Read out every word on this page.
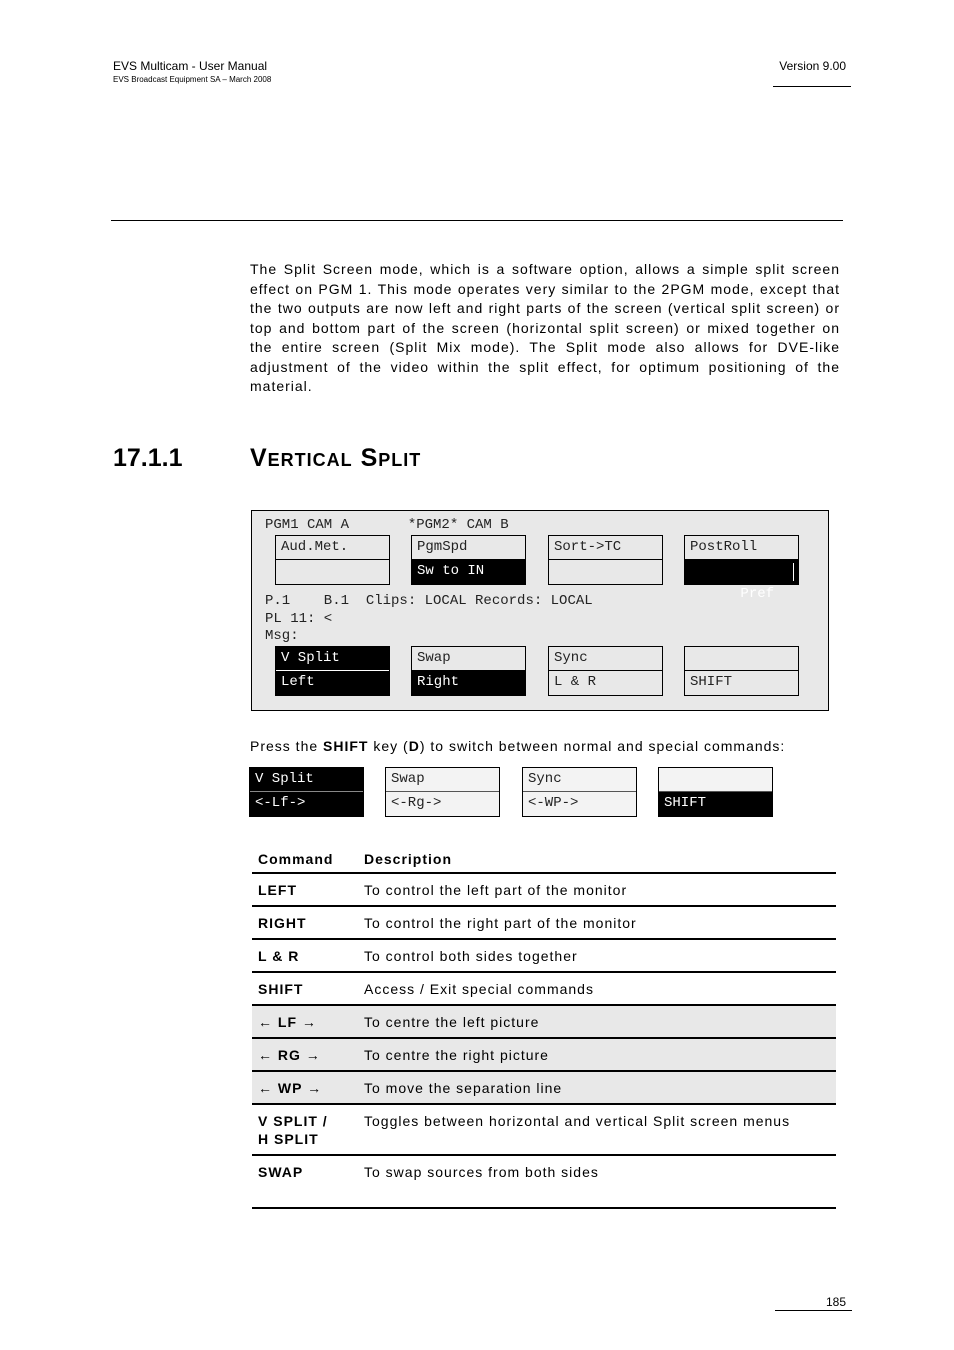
EVS Multicam - User Manual
EVS Broadcast Equipment SA – March 2008
Version 9.00

The Split Screen mode, which is a software option, allows a simple split screen effect on PGM 1. This mode operates very similar to the 2PGM mode, except that the two outputs are now left and right parts of the screen (vertical split screen) or top and bottom part of the screen (horizontal split screen) or mixed together on the entire screen (Split Mix mode). The Split mode also allows for DVE-like adjustment of the video within the split effect, for optimum positioning of the material.

17.1.1	Vertical Split
PGM1 CAM A       *PGM2* CAM B
Aud.Met.	PgmSpd
Sw to IN
Sort->TC	PostRoll

Pref

P.1    B.1  Clips: LOCAL Records: LOCAL
PL 11: <
Msg:
V Split
Left
Swap
Right
Sync
L & R	SHIFT
Press the SHIFT key (D) to switch between normal and special commands:
V Split
<-Lf->
Swap
<-Rg->
Sync
<-WP->	SHIFT
Command	Description
LEFT	To control the left part of the monitor
RIGHT	To control the right part of the monitor
L & R	To control both sides together
SHIFT	Access / Exit special commands
← LF →	To centre the left picture
← RG →	To centre the right picture
← WP →	To move the separation line

V SPLIT /
H SPLIT	Toggles between horizontal and vertical Split screen menus
SWAP	To swap sources from both sides
185
